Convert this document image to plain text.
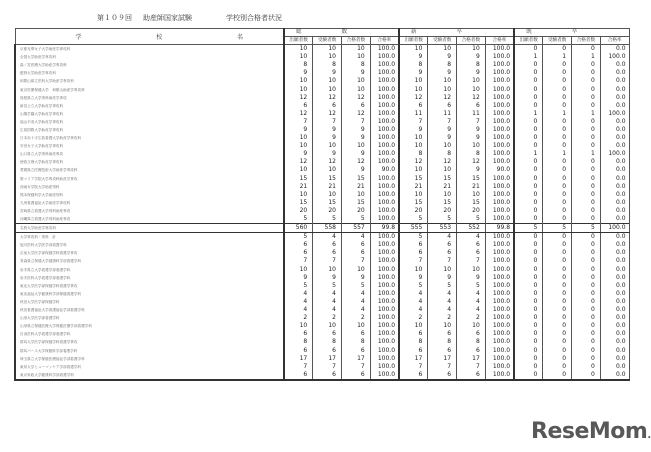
第１０９回 助産師国家試験	学校別合格者状況
学 校 名	総数				新卒				既卒			
	出願者数	受験者数	合格者数	合格率	出願者数	受験者数	合格者数	合格率	出願者数	受験者数	合格者数	合格率
京都光華女子大学助産学専攻科	10	10	10	100.0	10	10	10	100.0	0	0	0	0.0
全国大学助産学専攻科	10	10	10	100.0	9	9	9	100.0	1	1	1	100.0
森ノ宮医療大学助産学専攻科	8	8	8	100.0	8	8	8	100.0	0	0	0	0.0
藍野大学助産学専攻科	9	9	9	100.0	9	9	9	100.0	0	0	0	0.0
和歌山県立医科大学助産学専攻科	10	10	10	100.0	10	10	10	100.0	0	0	0	0.0
東京医療保健大学　和歌山助産学専攻科	10	10	10	100.0	10	10	10	100.0	0	0	0	0.0
島根県立大学別科助産学専攻	12	12	12	100.0	12	12	12	100.0	0	0	0	0.0
新見公立大学助産学専攻科	6	6	6	100.0	6	6	6	100.0	0	0	0	0.0
山陽学園大学助産学専攻科	12	12	12	100.0	11	11	11	100.0	1	1	1	100.0
福山平成大学助産学専攻科	7	7	7	100.0	7	7	7	100.0	0	0	0	0.0
広島国際大学助産学専攻科	9	9	9	100.0	9	9	9	100.0	0	0	0	0.0
日本赤十字広島看護大学助産学専攻科	10	9	9	100.0	10	9	9	100.0	0	0	0	0.0
安田女子大学助産学専攻科	10	10	10	100.0	10	10	10	100.0	0	0	0	0.0
山口県立大学別科助産専攻	9	9	9	100.0	8	8	8	100.0	1	1	1	100.0
徳島文理大学助産学専攻科	12	12	12	100.0	12	12	12	100.0	0	0	0	0.0
愛媛県立医療技術大学助産学専攻科	10	10	9	90.0	10	10	9	90.0	0	0	0	0.0
聖マリア学院大学専攻科助産学専攻	15	15	15	100.0	15	15	15	100.0	0	0	0	0.0
西南女学院大学助産別科	21	21	21	100.0	21	21	21	100.0	0	0	0	0.0
熊本保健科学大学助産別科	10	10	10	100.0	10	10	10	100.0	0	0	0	0.0
九州看護福祉大学助産学専攻科	15	15	15	100.0	15	15	15	100.0	0	0	0	0.0
宮崎県立看護大学別科助産専攻	20	20	20	100.0	20	20	20	100.0	0	0	0	0.0
沖縄県立看護大学別科助産専攻	5	5	5	100.0	5	5	5	100.0	0	0	0	0.0
名桜大学助産学専攻科	560	558	557	99.8	555	553	552	99.8	5	5	5	100.0
大学専攻科・別科　計	5	4	4	100.0	5	4	4	100.0	0	0	0	0.0
旭川医科大学医学部看護学科	6	6	6	100.0	6	6	6	100.0	0	0	0	0.0
弘前大学医学部保健学科看護学専攻	6	6	6	100.0	6	6	6	100.0	0	0	0	0.0
青森県立保健大学健康科学部看護学科	7	7	7	100.0	7	7	7	100.0	0	0	0	0.0
岩手県立大学看護学部看護学科	10	10	10	100.0	10	10	10	100.0	0	0	0	0.0
岩手医科大学看護学部看護学科	9	9	9	100.0	9	9	9	100.0	0	0	0	0.0
東北大学医学部保健学科看護学専攻	5	5	5	100.0	5	5	5	100.0	0	0	0	0.0
東北福祉大学健康科学部保健看護学科	4	4	4	100.0	4	4	4	100.0	0	0	0	0.0
秋田大学医学部保健学科	4	4	4	100.0	4	4	4	100.0	0	0	0	0.0
秋田看護福祉大学看護福祉学部看護学科	4	4	4	100.0	4	4	4	100.0	0	0	0	0.0
山形大学医学部看護学科	2	2	2	100.0	2	2	2	100.0	0	0	0	0.0
山形県立保健医療大学保健医療学部看護学科	10	10	10	100.0	10	10	10	100.0	0	0	0	0.0
自治医科大学看護学部看護学科	6	6	6	100.0	6	6	6	100.0	0	0	0	0.0
群馬大学医学部保健学科看護学専攻	8	8	8	100.0	8	8	8	100.0	0	0	0	0.0
群馬パース大学保健科学部看護学科	6	6	6	100.0	6	6	6	100.0	0	0	0	0.0
埼玉県立大学保健医療福祉学部看護学科	17	17	17	100.0	17	17	17	100.0	0	0	0	0.0
東邦大学ヒューマンケア学部看護学科	7	7	7	100.0	7	7	7	100.0	0	0	0	0.0
東京家政大学健康科学部看護学科	6	6	6	100.0	6	6	6	100.0	0	0	0	0.0
ReseMom.
